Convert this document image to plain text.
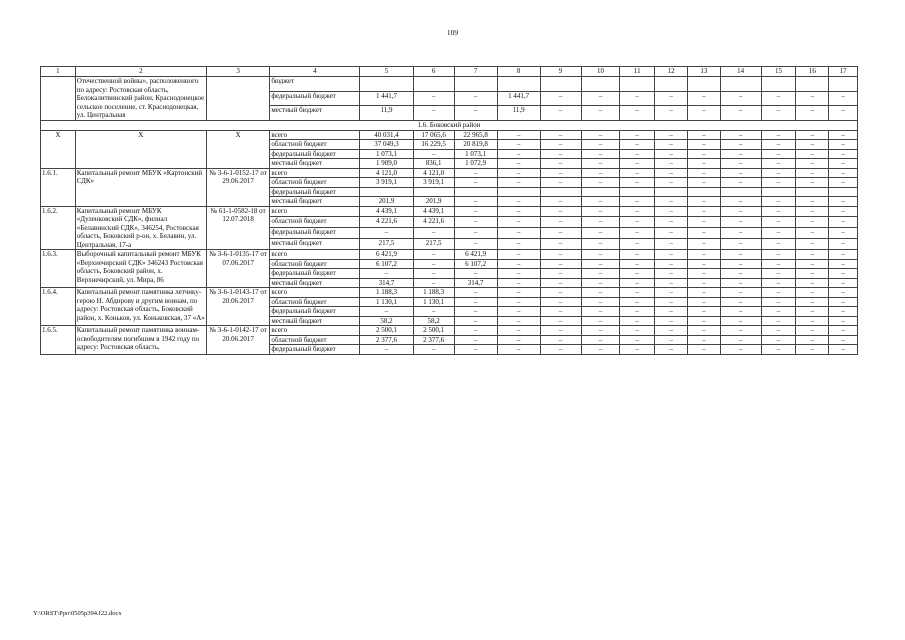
109
1	2	3	4	5	6	7	8	9	10	11	12	13	14	15	16	17
	Отечественной войны», расположенного по адресу: Ростовская область, Белокалитвинский район, Краснодонецкое сельское поселение, ст. Краснодонецкая, ул. Центральная		бюджет													
			федеральный бюджет	1 441,7	–	–	1 441,7	–	–	–	–	–	–	–	–	–
			местный бюджет	11,9	–	–	11,9	–	–	–	–	–	–	–	–	–
1.6. Боковский район																
Х	Х	Х	всего	40 031,4	17 065,6	22 965,8	–	–	–	–	–	–	–	–	–	–
			областной бюджет	37 049,3	16 229,5	20 819,8	–	–	–	–	–	–	–	–	–	–
			федеральный бюджет	1 073,1	–	1 073,1	–	–	–	–	–	–	–	–	–	–
			местный бюджет	1 909,0	836,1	1 072,9	–	–	–	–	–	–	–	–	–	–
1.6.1.	Капитальный ремонт МБУК «Картонский СДК»	№ 3-6-1-0152-17 от 29.06.2017	всего	4 121,0	4 121,0	–	–	–	–	–	–	–	–	–	–	–
			областной бюджет	3 919,1	3 919,1	–	–	–	–	–	–	–	–	–	–	–
			федеральный бюджет													
			местный бюджет	201,9	201,9	–	–	–	–	–	–	–	–	–	–	–
1.6.2.	Капитальный ремонт МБУК «Дуленковский СДК», филиал «Белавинский СДК», 346254, Ростовская область, Боковский р-он, х. Белавин, ул. Центральная, 17-а	№ 61-1-0582-18 от 12.07.2018	всего	4 439,1	4 439,1	–	–	–	–	–	–	–	–	–	–	–
			областной бюджет	4 221,6	4 221,6	–	–	–	–	–	–	–	–	–	–	–
			федеральный бюджет	–	–	–	–	–	–	–	–	–	–	–	–	–
			местный бюджет	217,5	217,5	–	–	–	–	–	–	–	–	–	–	–
1.6.3.	Выборочный капитальный ремонт МБУК «Верхнечирский СДК» 346243 Ростовская область, Боковский район, х. Верхнечирский, ул. Мира, 86	№ 3-6-1-0135-17 от 07.06.2017	всего	6 421,9	–	6 421,9	–	–	–	–	–	–	–	–	–	–
			областной бюджет	6 107,2	–	6 107,2	–	–	–	–	–	–	–	–	–	–
			федеральный бюджет	–	–	–	–	–	–	–	–	–	–	–	–	–
			местный бюджет	314,7	–	314,7	–	–	–	–	–	–	–	–	–	–
1.6.4.	Капитальный ремонт памятника летчику-герою Н. Абдирову и другим воинам, по адресу: Ростовская область, Боковский район, х. Коньков, ул. Коньковская, 37 «А»	№ 3-6-1-0143-17 от 20.06.2017	всего	1 188,3	1 188,3	–	–	–	–	–	–	–	–	–	–	–
			областной бюджет	1 130,1	1 130,1	–	–	–	–	–	–	–	–	–	–	–
			федеральный бюджет	–	–	–	–	–	–	–	–	–	–	–	–	–
			местный бюджет	58,2	58,2	–	–	–	–	–	–	–	–	–	–	–
1.6.5.	Капитальный ремонт памятника воинам-освободителям погибшим в 1942 году по адресу: Ростовская область,	№ 3-6-1-0142-17 от 20.06.2017	всего	2 500,1	2 500,1	–	–	–	–	–	–	–	–	–	–	–
			областной бюджет	2 377,6	2 377,6	–	–	–	–	–	–	–	–	–	–	–
			федеральный бюджет	–	–	–	–	–	–	–	–	–	–	–	–	–
Y:\ORST\Ppo\0505p394.f22.docx
